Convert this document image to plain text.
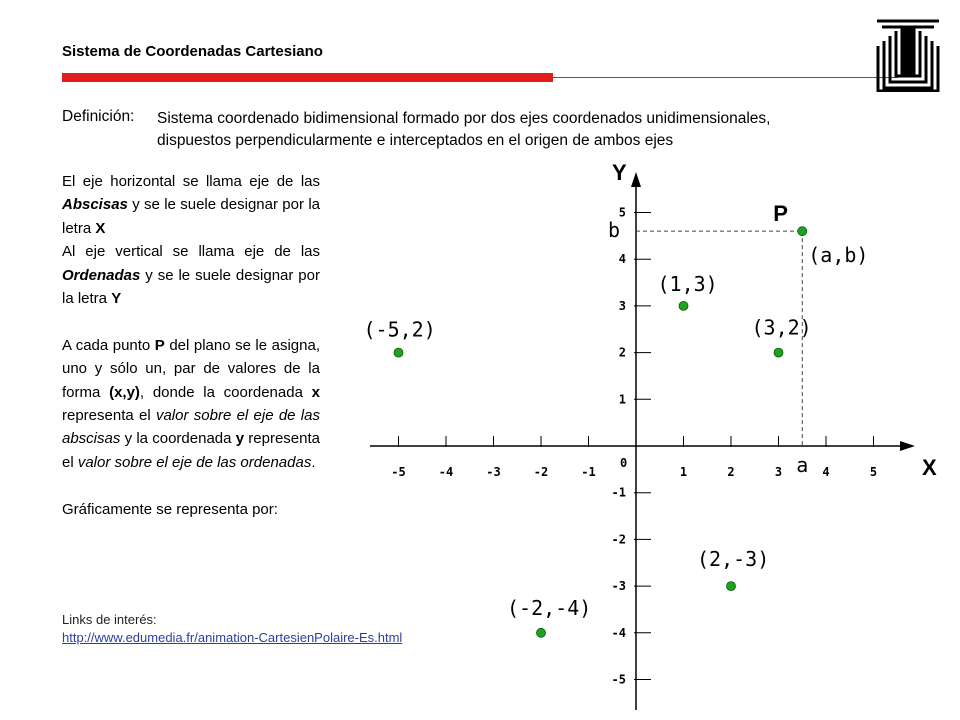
Sistema de Coordenadas Cartesiano
Definición: Sistema coordenado bidimensional formado por dos ejes coordenados unidimensionales,
dispuestos perpendicularmente e interceptados en el origen de ambos ejes

El eje horizontal se llama eje de las Abscisas y se le suele designar por la letra X

Al eje vertical se llama eje de las Ordenadas y se le suele designar por la letra Y

A cada punto P del plano se le asigna, uno y sólo un, par de valores de la forma (x,y), donde la coordenada x representa el valor sobre el eje de las abscisas y la coordenada y representa el valor sobre el eje de las ordenadas.

Gráficamente se representa por:

Links de interés:
http://www.edumedia.fr/animation-CartesienPolaire-Es.html
X
Y
0
-5	-4	-3	-2	-1	1	2	3	4	5
5
4
3
2
1
-1
-2
-3
-4
-5
P
(a,b)
b
a
(1,3)
(-5,2)	(3,2)
(2,-3)
(-2,-4)
